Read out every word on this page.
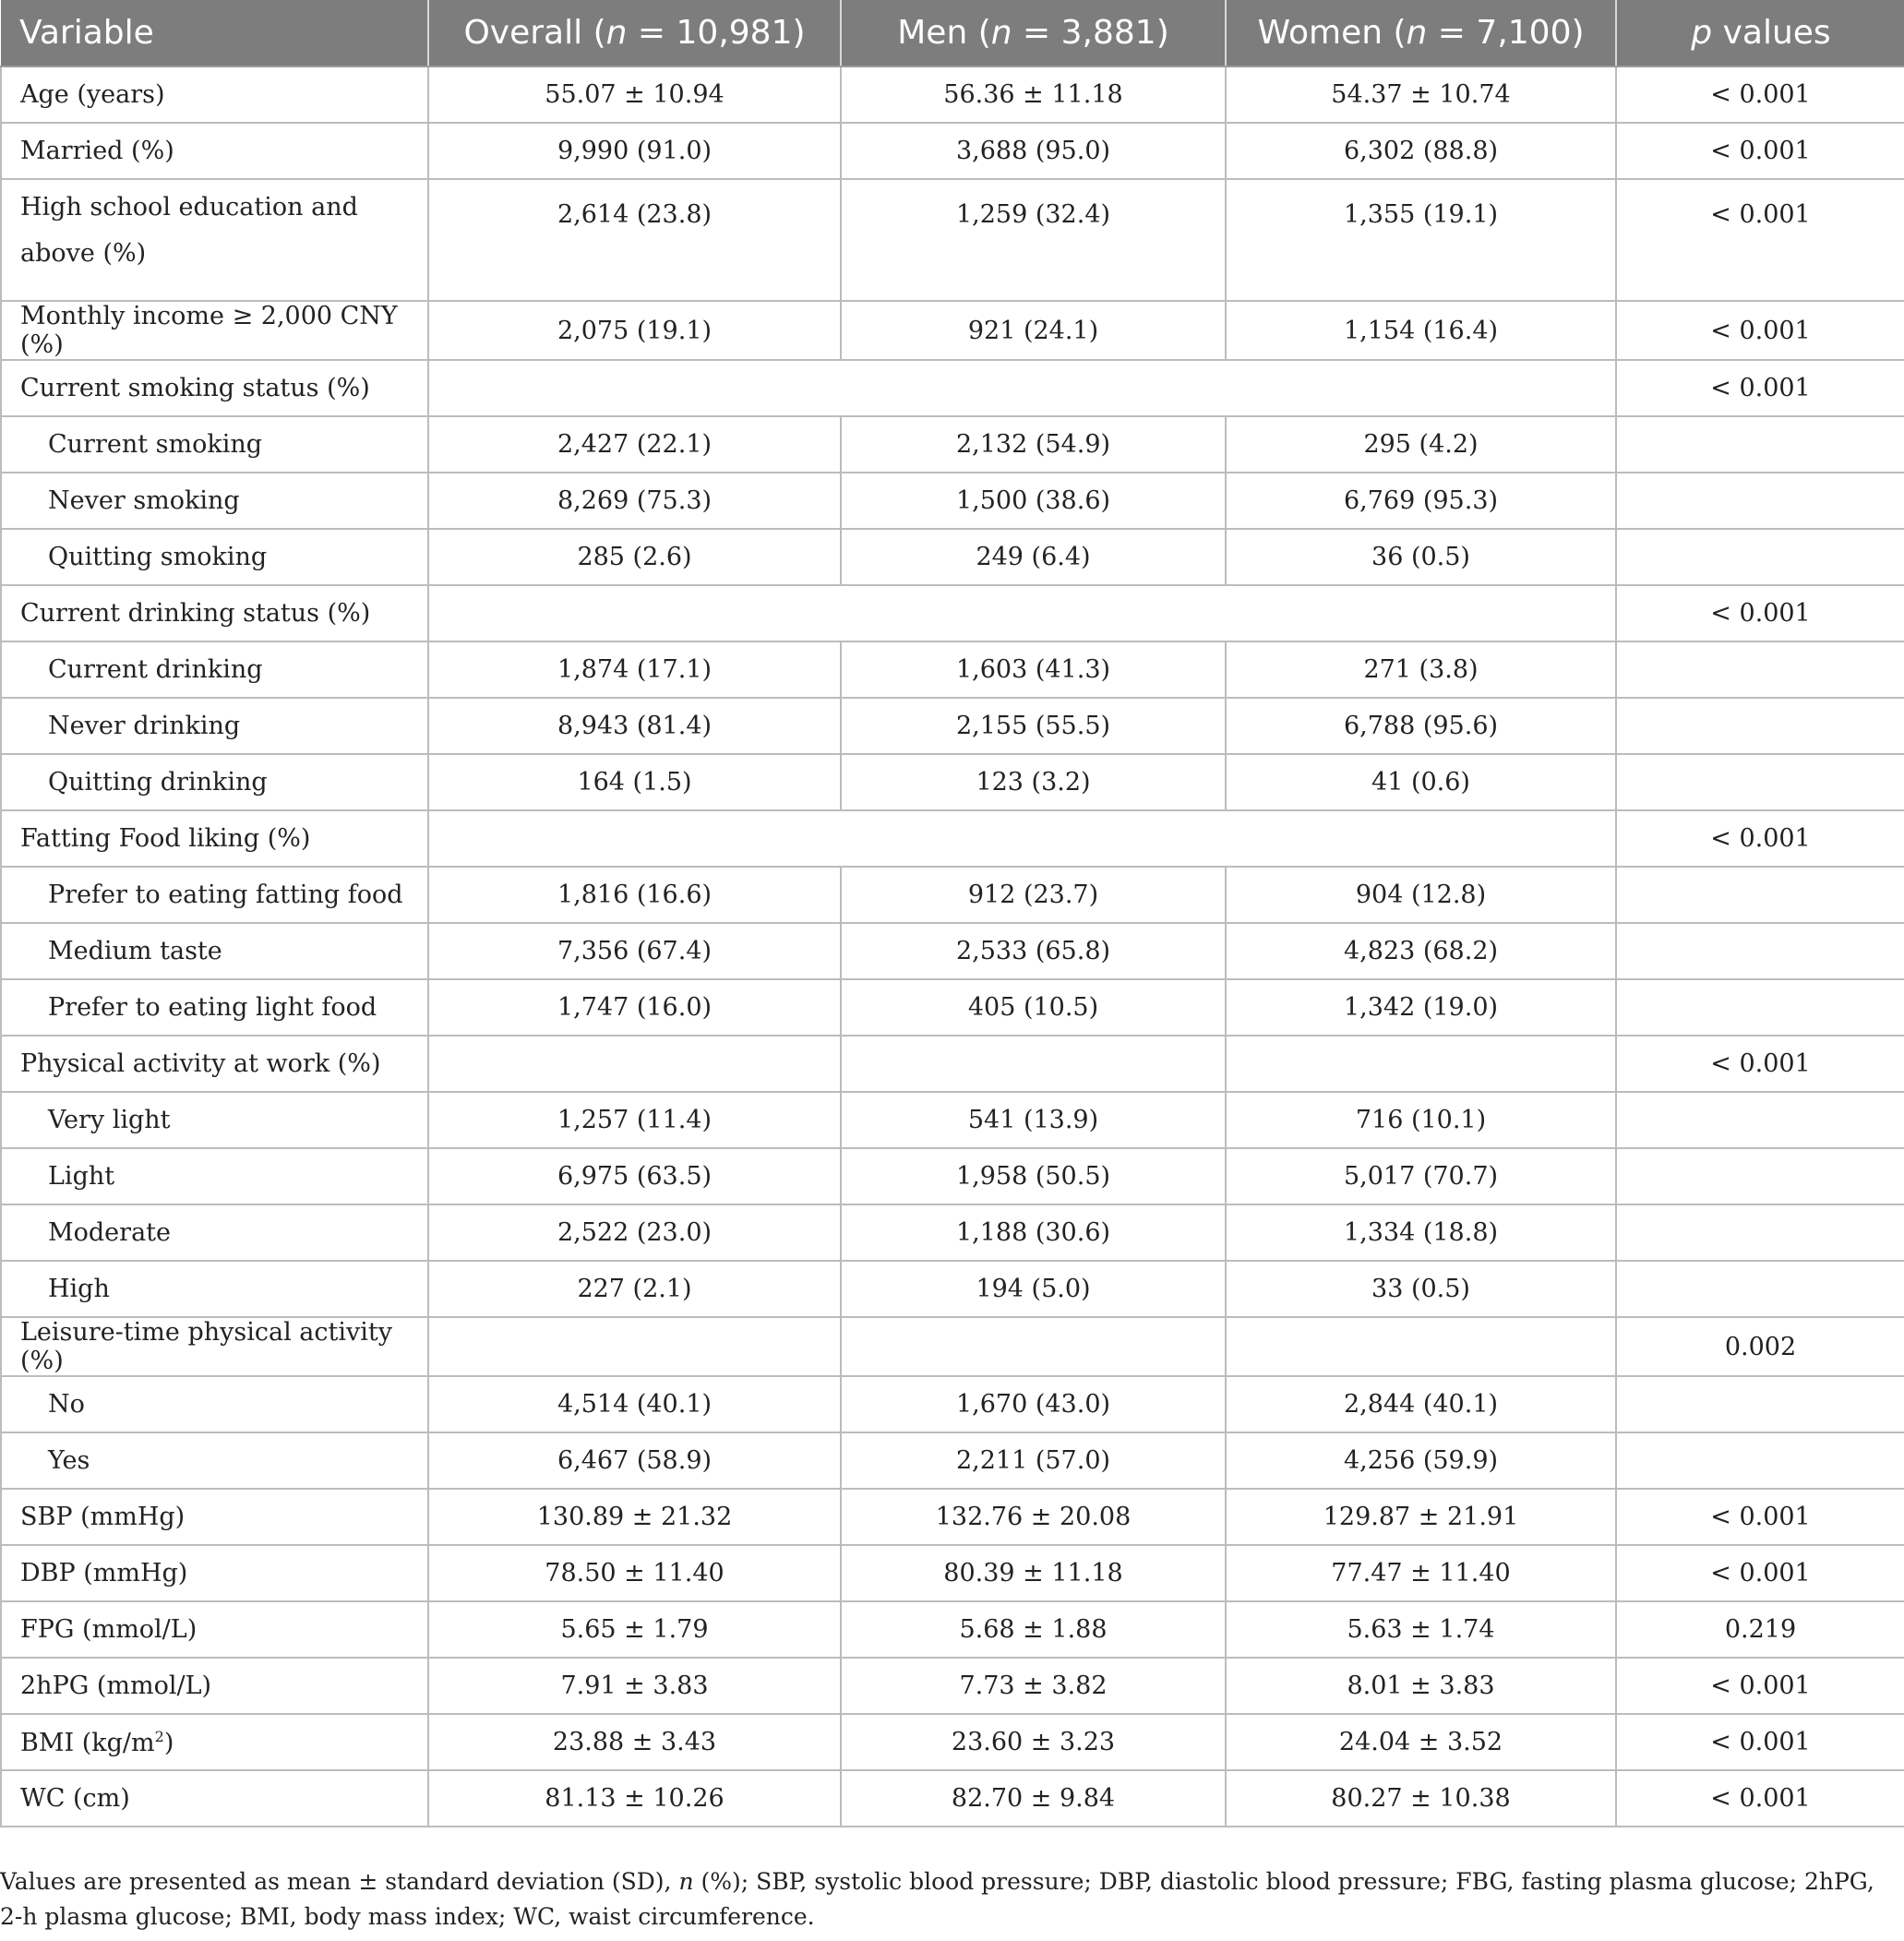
Variable	Overall (n = 10,981)	Men (n = 3,881)	Women (n = 7,100)	p values
Age (years)	55.07 ± 10.94	56.36 ± 11.18	54.37 ± 10.74	< 0.001
Married (%)	9,990 (91.0)	3,688 (95.0)	6,302 (88.8)	< 0.001
High school education and above (%)	2,614 (23.8)	1,259 (32.4)	1,355 (19.1)	< 0.001
Monthly income ≥ 2,000 CNY (%)	2,075 (19.1)	921 (24.1)	1,154 (16.4)	< 0.001
Current smoking status (%)				< 0.001
Current smoking	2,427 (22.1)	2,132 (54.9)	295 (4.2)	
Never smoking	8,269 (75.3)	1,500 (38.6)	6,769 (95.3)	
Quitting smoking	285 (2.6)	249 (6.4)	36 (0.5)	
Current drinking status (%)				< 0.001
Current drinking	1,874 (17.1)	1,603 (41.3)	271 (3.8)	
Never drinking	8,943 (81.4)	2,155 (55.5)	6,788 (95.6)	
Quitting drinking	164 (1.5)	123 (3.2)	41 (0.6)	
Fatting Food liking (%)				< 0.001
Prefer to eating fatting food	1,816 (16.6)	912 (23.7)	904 (12.8)	
Medium taste	7,356 (67.4)	2,533 (65.8)	4,823 (68.2)	
Prefer to eating light food	1,747 (16.0)	405 (10.5)	1,342 (19.0)	
Physical activity at work (%)				< 0.001
Very light	1,257 (11.4)	541 (13.9)	716 (10.1)	
Light	6,975 (63.5)	1,958 (50.5)	5,017 (70.7)	
Moderate	2,522 (23.0)	1,188 (30.6)	1,334 (18.8)	
High	227 (2.1)	194 (5.0)	33 (0.5)	
Leisure-time physical activity (%)				0.002
No	4,514 (40.1)	1,670 (43.0)	2,844 (40.1)	
Yes	6,467 (58.9)	2,211 (57.0)	4,256 (59.9)	
SBP (mmHg)	130.89 ± 21.32	132.76 ± 20.08	129.87 ± 21.91	< 0.001
DBP (mmHg)	78.50 ± 11.40	80.39 ± 11.18	77.47 ± 11.40	< 0.001
FPG (mmol/L)	5.65 ± 1.79	5.68 ± 1.88	5.63 ± 1.74	0.219
2hPG (mmol/L)	7.91 ± 3.83	7.73 ± 3.82	8.01 ± 3.83	< 0.001
BMI $(kg/m^2)$	23.88 ± 3.43	23.60 ± 3.23	24.04 ± 3.52	< 0.001
WC (cm)	81.13 ± 10.26	82.70 ± 9.84	80.27 ± 10.38	< 0.001
Values are presented as mean ± standard deviation (SD), n (%); SBP, systolic blood pressure; DBP, diastolic blood pressure; FBG, fasting plasma glucose; 2hPG, 2-h plasma glucose; BMI, body mass index; WC, waist circumference.
